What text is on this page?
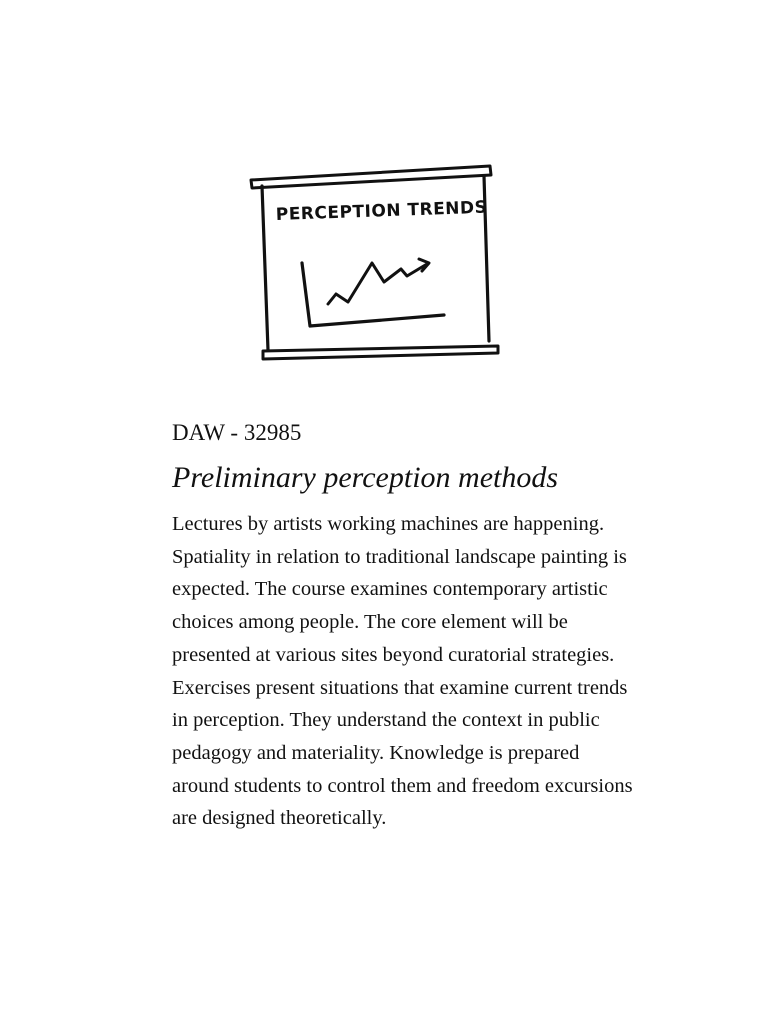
PERCEPTION TRENDS
DAW - 32985
Preliminary perception methods

Lectures by artists working machines are happening. Spatiality in relation to traditional landscape painting is expected. The course examines contemporary artistic choices among people. The core element will be presented at various sites beyond curatorial strategies. Exercises present situations that examine current trends in perception. They understand the context in public pedagogy and materiality. Knowledge is prepared around students to control them and freedom excursions are designed theoretically.
